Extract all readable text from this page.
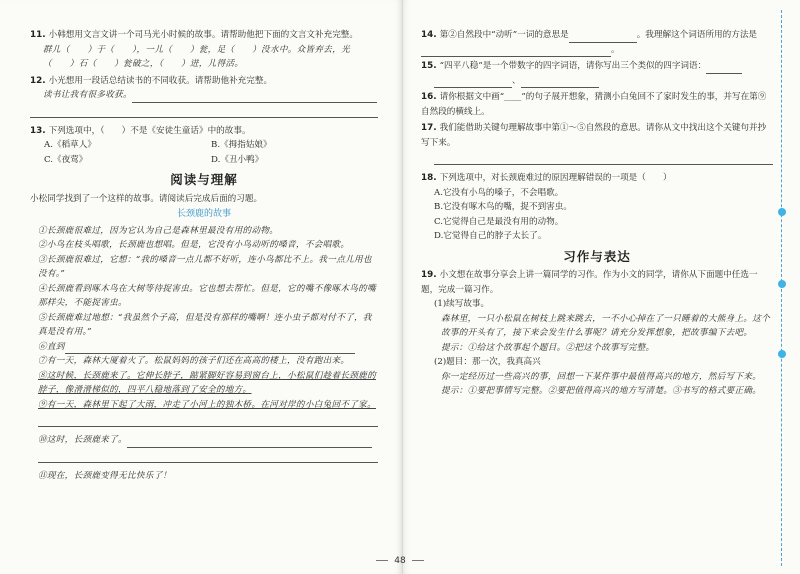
11. 小韩想用文言文讲一个司马光小时候的故事。请帮助他把下面的文言文补充完整。
群儿（　　）于（　　），一儿（　　）瓮，足（　　）没水中。众皆弃去，光（　　）石（　　）瓮破之，（　　）迸，儿得活。
12. 小光想用一段话总结读书的不同收获。请帮助他补充完整。
读书让我有很多收获。
13. 下列选项中，（　　）不是《安徒生童话》中的故事。
A.《稻草人》	B.《拇指姑娘》
C.《夜莺》	D.《丑小鸭》
阅读与理解
小松同学找到了一个这样的故事。请阅读后完成后面的习题。
长颈鹿的故事
①长颈鹿很难过，因为它认为自己是森林里最没有用的动物。
②小鸟在枝头唱歌，长颈鹿也想唱。但是，它没有小鸟动听的嗓音，不会唱歌。
③长颈鹿很难过，它想：“我的嗓音一点儿都不好听，连小鸟都比不上。我一点儿用也没有。”
④长颈鹿看到啄木鸟在大树等待捉害虫。它也想去帮忙。但是，它的嘴不像啄木鸟的嘴那样尖，不能捉害虫。
⑤长颈鹿难过地想：“我虽然个子高，但是没有那样的嘴啊！连小虫子都对付不了，我真是没有用。”
⑥直到
⑦有一天，森林大厦着火了。松鼠妈妈的孩子们还在高高的楼上，没有跑出来。
⑧这时候，长颈鹿来了。它伸长脖子，踮紧脚好容易到窗台上，小松鼠们趁着长颈鹿的脖子，像滑滑梯似的，四平八稳地落到了安全的地方。
⑨有一天，森林里下起了大雨，冲走了小河上的独木桥。在河对岸的小白兔回不了家。
⑩这时，长颈鹿来了。
⑪现在，长颈鹿变得无比快乐了！
14. 第②自然段中“动听”一词的意思是	。我理解这个词语所用的方法是。
15. “四平八稳”是一个带数字的四字词语，请你写出三个类似的四字词语：
、
16. 请你根据文中画“____”的句子展开想象，猜测小白兔回不了家时发生的事，并写在第⑨自然段的横线上。
17. 我们能借助关键句理解故事中第①～⑤自然段的意思。请你从文中找出这个关键句并抄写下来。
18. 下列选项中，对长颈鹿难过的原因理解错误的一项是（　　）
A.它没有小鸟的嗓子，不会唱歌。
B.它没有啄木鸟的嘴，捉不到害虫。
C.它觉得自己是最没有用的动物。
D.它觉得自己的脖子太长了。
习作与表达
19. 小文想在故事分享会上讲一篇同学的习作。作为小文的同学，请你从下面题中任选一题，完成一篇习作。
(1)续写故事。
森林里，一只小松鼠在树枝上跳来跳去，一不小心掉在了一只睡着的大熊身上。这个故事的开头有了，接下来会发生什么事呢？请充分发挥想象，把故事编下去吧。
提示：①给这个故事起个题目。②把这个故事写完整。
(2)题目：那一次，我真高兴
你一定经历过一些高兴的事，回想一下某件事中最值得高兴的地方，然后写下来。
提示：①要把事情写完整。②要把值得高兴的地方写清楚。③书写的格式要正确。
48
